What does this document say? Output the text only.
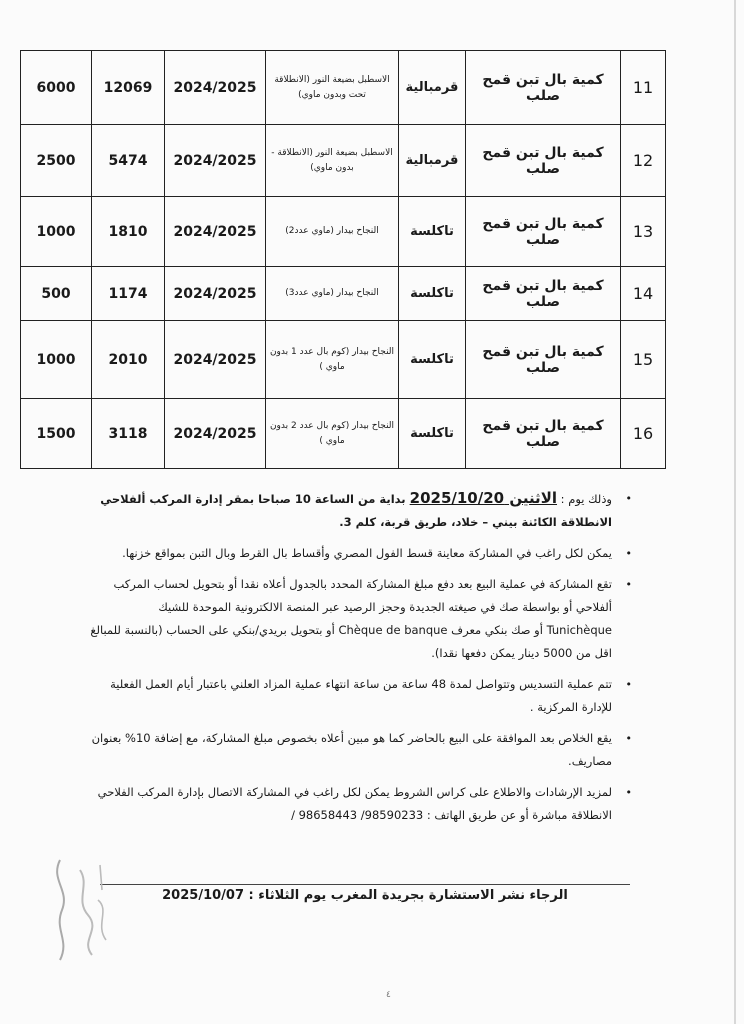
6000	12069	2024/2025	الاسطبل بضيعة النور (الانطلاقة تحت وبدون ماوي)	قرمبالية	كمية بال تبن قمح صلب	11
2500	5474	2024/2025	الاسطبل بضيعة النور (الانطلاقة - بدون ماوي)	قرمبالية	كمية بال تبن قمح صلب	12
1000	1810	2024/2025	النجاح بيدار (ماوي عدد2)	تاكلسة	كمية بال تبن قمح صلب	13
500	1174	2024/2025	النجاح بيدار (ماوي عدد3)	تاكلسة	كمية بال تبن قمح صلب	14
1000	2010	2024/2025	النجاح بيدار (كوم بال عدد 1 بدون ماوي )	تاكلسة	كمية بال تبن قمح صلب	15
1500	3118	2024/2025	النجاح بيدار (كوم بال عدد 2 بدون ماوي )	تاكلسة	كمية بال تبن قمح صلب	16

•
وذلك يوم : الاثنين 2025/10/20 بداية من الساعة 10 صباحا بمقر إدارة المركب ألفلاحي الانطلاقة الكائنة بيني – خلاد، طريق قربة، كلم 3.

•
يمكن لكل راغب في المشاركة معاينة قسط الفول المصري وأقساط بال القرط وبال التبن بمواقع خزنها.

•
تقع المشاركة في عملية البيع بعد دفع مبلغ المشاركة المحدد بالجدول أعلاه نقدا أو بتحويل لحساب المركب ألفلاحي أو بواسطة صك في صيغته الجديدة وحجز الرصيد عبر المنصة الالكترونية الموحدة للشيك Tunichèque أو صك بنكي معرف Chèque de banque أو بتحويل بريدي/بنكي على الحساب (بالنسبة للمبالغ اقل من 5000 دينار يمكن دفعها نقدا).

•
تتم عملية التسديس وتتواصل لمدة 48 ساعة من ساعة انتهاء عملية المزاد العلني باعتبار أيام العمل الفعلية للإدارة المركزية .

•
يقع الخلاص بعد الموافقة على البيع بالحاضر كما هو مبين أعلاه بخصوص مبلغ المشاركة، مع إضافة 10% بعنوان مصاريف.

•
لمزيد الإرشادات والاطلاع على كراس الشروط يمكن لكل راغب في المشاركة الاتصال بإدارة المركب الفلاحي الانطلاقة مباشرة أو عن طريق الهاتف : 98590233/ 98658443 /

الرجاء نشر الاستشارة بجريدة المغرب يوم الثلاثاء : 2025/10/07
٤
